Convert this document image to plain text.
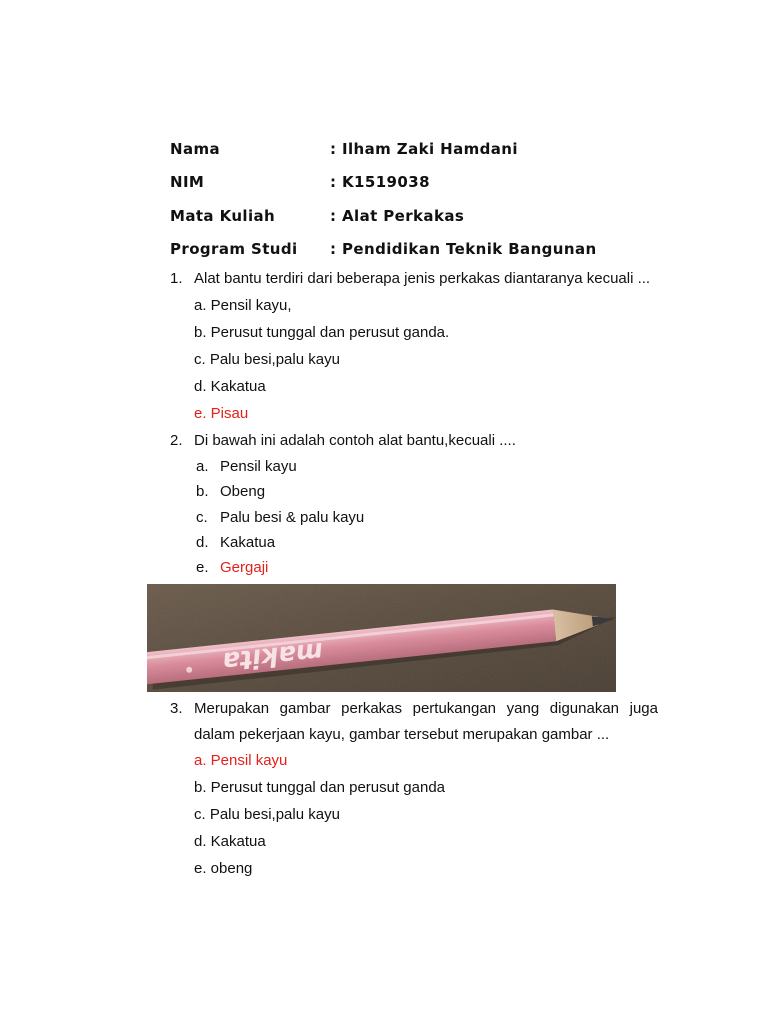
Nama	: Ilham Zaki Hamdani
NIM	: K1519038
Mata Kuliah	: Alat Perkakas
Program Studi : Pendidikan Teknik Bangunan
1. Alat bantu terdiri dari beberapa jenis perkakas diantaranya kecuali ...
a. Pensil kayu,
b. Perusut tunggal dan perusut ganda.
c. Palu besi,palu kayu
d. Kakatua
e. Pisau
2. Di bawah ini adalah contoh alat bantu,kecuali ....
a. Pensil kayu
b. Obeng
c. Palu besi & palu kayu
d. Kakatua
e. Gergaji
makita
3. Merupakan gambar perkakas pertukangan yang digunakan juga
dalam pekerjaan kayu, gambar tersebut merupakan gambar ...
a. Pensil kayu
b. Perusut tunggal dan perusut ganda
c. Palu besi,palu kayu
d. Kakatua
e. obeng
